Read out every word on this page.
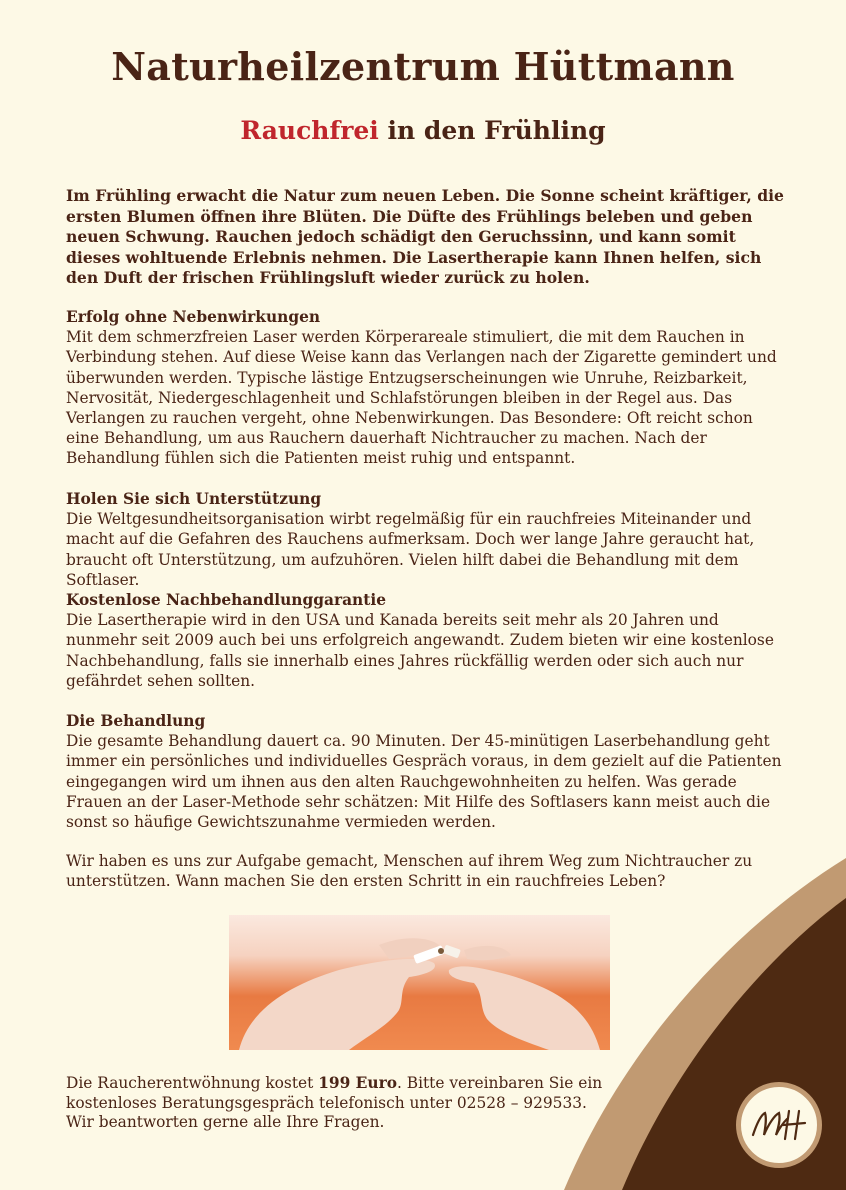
Naturheilzentrum Hüttmann
Rauchfrei in den Frühling

Im Frühling erwacht die Natur zum neuen Leben. Die Sonne scheint kräftiger, die ersten Blumen öffnen ihre Blüten. Die Düfte des Frühlings beleben und geben neuen Schwung. Rauchen jedoch schädigt den Geruchssinn, und kann somit dieses wohltuende Erlebnis nehmen. Die Lasertherapie kann Ihnen helfen, sich den Duft der frischen Frühlingsluft wieder zurück zu holen.

Erfolg ohne Nebenwirkungen
Mit dem schmerzfreien Laser werden Körperareale stimuliert, die mit dem Rauchen in Verbindung stehen. Auf diese Weise kann das Verlangen nach der Zigarette gemindert und überwunden werden. Typische lästige Entzugserscheinungen wie Unruhe, Reizbarkeit, Nervosität, Niedergeschlagenheit und Schlafstörungen bleiben in der Regel aus. Das Verlangen zu rauchen vergeht, ohne Nebenwirkungen. Das Besondere: Oft reicht schon eine Behandlung, um aus Rauchern dauerhaft Nichtraucher zu machen. Nach der Behandlung fühlen sich die Patienten meist ruhig und entspannt.
Holen Sie sich Unterstützung
Die Weltgesundheitsorganisation wirbt regelmäßig für ein rauchfreies Miteinander und macht auf die Gefahren des Rauchens aufmerksam. Doch wer lange Jahre geraucht hat, braucht oft Unterstützung, um aufzuhören. Vielen hilft dabei die Behandlung mit dem Softlaser.
Kostenlose Nachbehandlunggarantie
Die Lasertherapie wird in den USA und Kanada bereits seit mehr als 20 Jahren und nunmehr seit 2009 auch bei uns erfolgreich angewandt. Zudem bieten wir eine kostenlose Nachbehandlung, falls sie innerhalb eines Jahres rückfällig werden oder sich auch nur gefährdet sehen sollten.
Die Behandlung
Die gesamte Behandlung dauert ca. 90 Minuten. Der 45-minütigen Laserbehandlung geht immer ein persönliches und individuelles Gespräch voraus, in dem gezielt auf die Patienten eingegangen wird um ihnen aus den alten Rauchgewohnheiten zu helfen. Was gerade Frauen an der Laser-Methode sehr schätzen: Mit Hilfe des Softlasers kann meist auch die sonst so häufige Gewichtszunahme vermieden werden.

Wir haben es uns zur Aufgabe gemacht, Menschen auf ihrem Weg zum Nichtraucher zu unterstützen. Wann machen Sie den ersten Schritt in ein rauchfreies Leben?

Die Raucherentwöhnung kostet 199 Euro. Bitte vereinbaren Sie ein kostenloses Beratungsgespräch telefonisch unter 02528 – 929533.
Wir beantworten gerne alle Ihre Fragen.
